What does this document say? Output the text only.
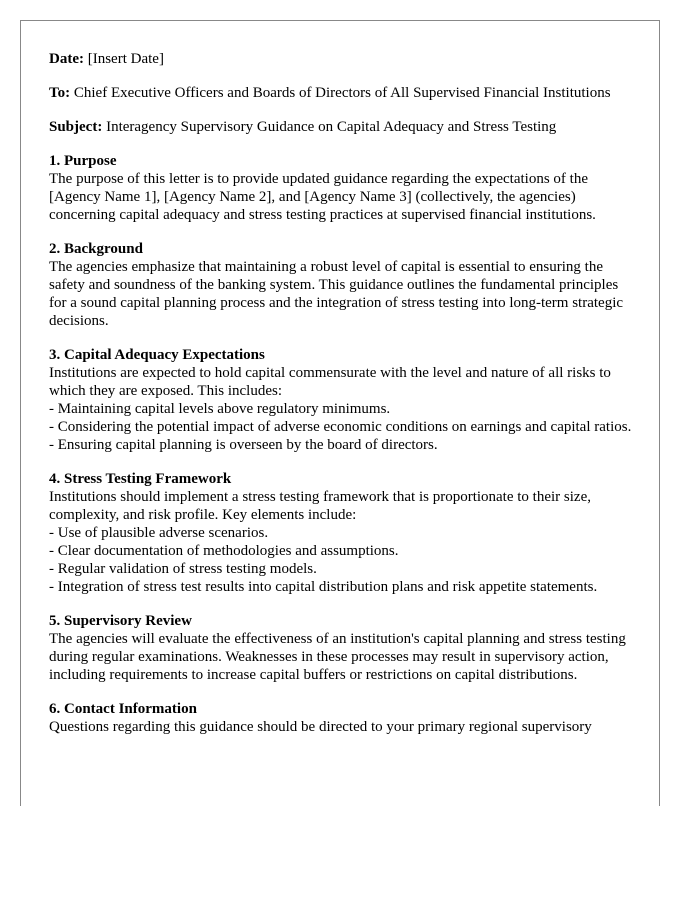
Date: [Insert Date]

To: Chief Executive Officers and Boards of Directors of All Supervised Financial Institutions

Subject: Interagency Supervisory Guidance on Capital Adequacy and Stress Testing

1. Purpose
The purpose of this letter is to provide updated guidance regarding the expectations of the [Agency Name 1], [Agency Name 2], and [Agency Name 3] (collectively, the agencies) concerning capital adequacy and stress testing practices at supervised financial institutions.
2. Background
The agencies emphasize that maintaining a robust level of capital is essential to ensuring the safety and soundness of the banking system. This guidance outlines the fundamental principles for a sound capital planning process and the integration of stress testing into long-term strategic decisions.
3. Capital Adequacy Expectations
Institutions are expected to hold capital commensurate with the level and nature of all risks to which they are exposed. This includes:
- Maintaining capital levels above regulatory minimums.
- Considering the potential impact of adverse economic conditions on earnings and capital ratios.
- Ensuring capital planning is overseen by the board of directors.
4. Stress Testing Framework
Institutions should implement a stress testing framework that is proportionate to their size, complexity, and risk profile. Key elements include:
- Use of plausible adverse scenarios.
- Clear documentation of methodologies and assumptions.
- Regular validation of stress testing models.
- Integration of stress test results into capital distribution plans and risk appetite statements.
5. Supervisory Review
The agencies will evaluate the effectiveness of an institution's capital planning and stress testing during regular examinations. Weaknesses in these processes may result in supervisory action, including requirements to increase capital buffers or restrictions on capital distributions.
6. Contact Information
Questions regarding this guidance should be directed to your primary regional supervisory
